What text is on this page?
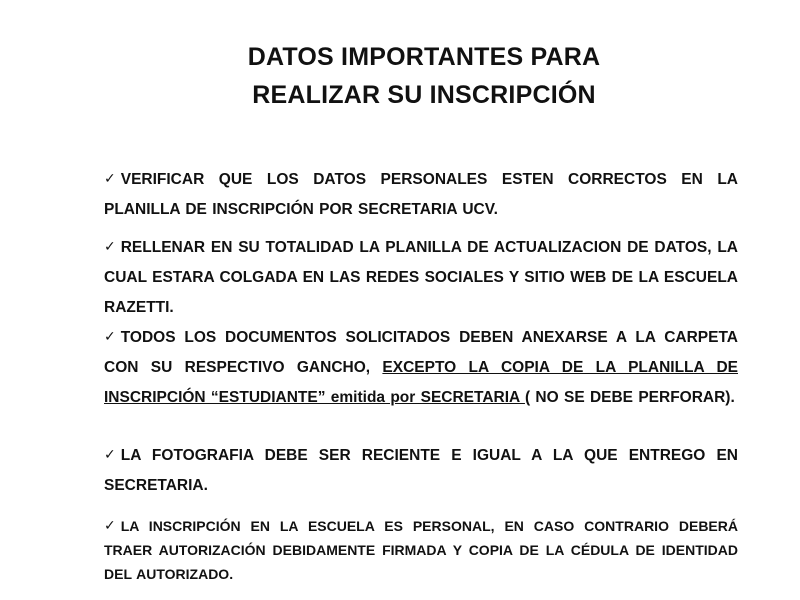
DATOS IMPORTANTES PARA
REALIZAR SU INSCRIPCIÓN
✓ VERIFICAR QUE LOS DATOS PERSONALES ESTEN CORRECTOS EN LA PLANILLA DE INSCRIPCIÓN POR SECRETARIA UCV.
✓ RELLENAR EN SU TOTALIDAD LA PLANILLA DE ACTUALIZACION DE DATOS, LA CUAL ESTARA COLGADA EN LAS REDES SOCIALES Y SITIO WEB DE LA ESCUELA RAZETTI.
✓ TODOS LOS DOCUMENTOS SOLICITADOS DEBEN ANEXARSE A LA CARPETA CON SU RESPECTIVO GANCHO, EXCEPTO LA COPIA DE LA PLANILLA DE INSCRIPCIÓN “ESTUDIANTE” emitida por SECRETARIA ( NO SE DEBE PERFORAR).
✓ LA FOTOGRAFIA DEBE SER RECIENTE E IGUAL A LA QUE ENTREGO EN SECRETARIA.
✓ LA INSCRIPCIÓN EN LA ESCUELA ES PERSONAL, EN CASO CONTRARIO DEBERÁ TRAER AUTORIZACIÓN DEBIDAMENTE FIRMADA Y COPIA DE LA CÉDULA DE IDENTIDAD DEL AUTORIZADO.
